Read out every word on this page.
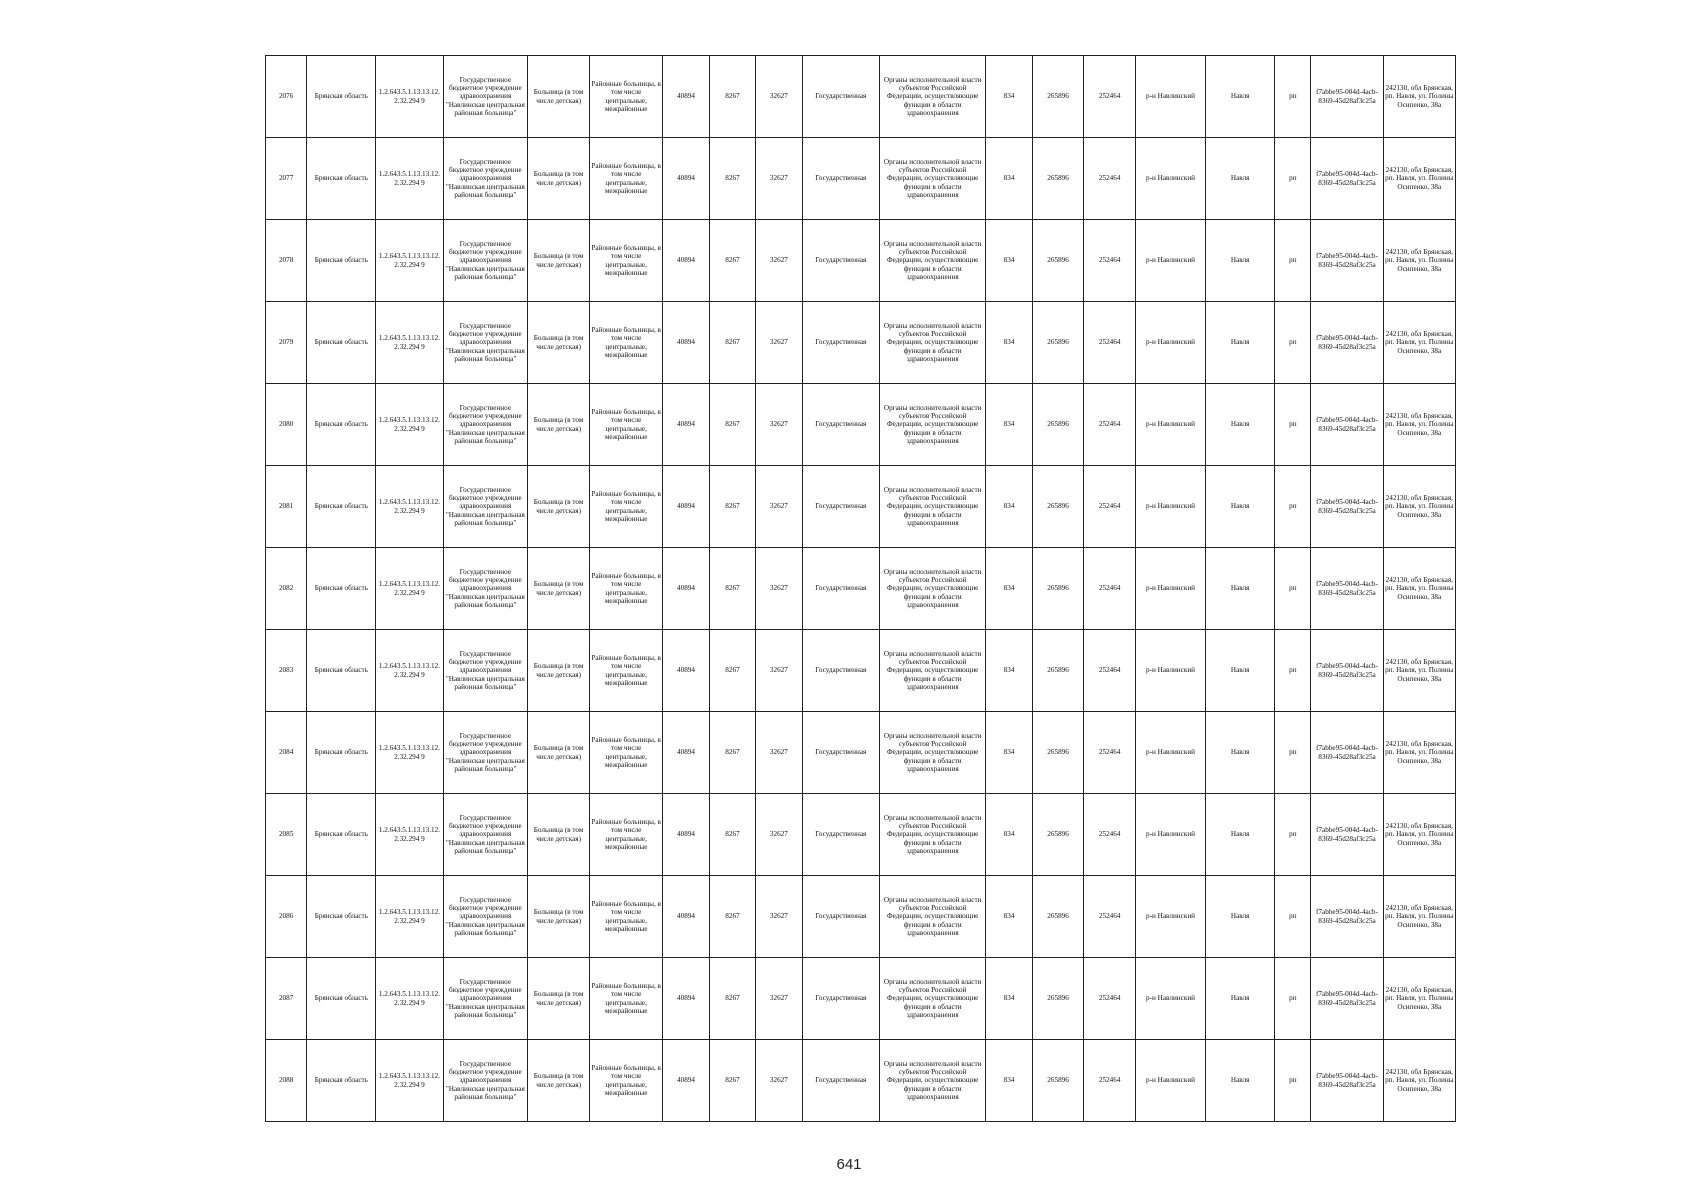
2076	Брянская область	1.2.643.5.1.13.13.12.2.32.294 9	Государственное бюджетное учреждение здравоохранения "Навлинская центральная районная больница"	Больница (в том числе детская)	Районные больницы, в том числе центральные, межрайонные	40894	8267	32627	Государственная	Органы исполнительной власти субъектов Российской Федерации, осуществляющие функции в области здравоохранения	834	265896	252464	р-н Навлинский	Навля	рп	f7abbe95-004d-4acb-8369-45d28af3c25a	242130, обл Брянская, рп. Навля, ул. Полины Осипенко, 38а
2077	Брянская область	1.2.643.5.1.13.13.12.2.32.294 9	Государственное бюджетное учреждение здравоохранения "Навлинская центральная районная больница"	Больница (в том числе детская)	Районные больницы, в том числе центральные, межрайонные	40894	8267	32627	Государственная	Органы исполнительной власти субъектов Российской Федерации, осуществляющие функции в области здравоохранения	834	265896	252464	р-н Навлинский	Навля	рп	f7abbe95-004d-4acb-8369-45d28af3c25a	242130, обл Брянская, рп. Навля, ул. Полины Осипенко, 38а
2078	Брянская область	1.2.643.5.1.13.13.12.2.32.294 9	Государственное бюджетное учреждение здравоохранения "Навлинская центральная районная больница"	Больница (в том числе детская)	Районные больницы, в том числе центральные, межрайонные	40894	8267	32627	Государственная	Органы исполнительной власти субъектов Российской Федерации, осуществляющие функции в области здравоохранения	834	265896	252464	р-н Навлинский	Навля	рп	f7abbe95-004d-4acb-8369-45d28af3c25a	242130, обл Брянская, рп. Навля, ул. Полины Осипенко, 38а
2079	Брянская область	1.2.643.5.1.13.13.12.2.32.294 9	Государственное бюджетное учреждение здравоохранения "Навлинская центральная районная больница"	Больница (в том числе детская)	Районные больницы, в том числе центральные, межрайонные	40894	8267	32627	Государственная	Органы исполнительной власти субъектов Российской Федерации, осуществляющие функции в области здравоохранения	834	265896	252464	р-н Навлинский	Навля	рп	f7abbe95-004d-4acb-8369-45d28af3c25a	242130, обл Брянская, рп. Навля, ул. Полины Осипенко, 38а
2080	Брянская область	1.2.643.5.1.13.13.12.2.32.294 9	Государственное бюджетное учреждение здравоохранения "Навлинская центральная районная больница"	Больница (в том числе детская)	Районные больницы, в том числе центральные, межрайонные	40894	8267	32627	Государственная	Органы исполнительной власти субъектов Российской Федерации, осуществляющие функции в области здравоохранения	834	265896	252464	р-н Навлинский	Навля	рп	f7abbe95-004d-4acb-8369-45d28af3c25a	242130, обл Брянская, рп. Навля, ул. Полины Осипенко, 38а
2081	Брянская область	1.2.643.5.1.13.13.12.2.32.294 9	Государственное бюджетное учреждение здравоохранения "Навлинская центральная районная больница"	Больница (в том числе детская)	Районные больницы, в том числе центральные, межрайонные	40894	8267	32627	Государственная	Органы исполнительной власти субъектов Российской Федерации, осуществляющие функции в области здравоохранения	834	265896	252464	р-н Навлинский	Навля	рп	f7abbe95-004d-4acb-8369-45d28af3c25a	242130, обл Брянская, рп. Навля, ул. Полины Осипенко, 38а
2082	Брянская область	1.2.643.5.1.13.13.12.2.32.294 9	Государственное бюджетное учреждение здравоохранения "Навлинская центральная районная больница"	Больница (в том числе детская)	Районные больницы, в том числе центральные, межрайонные	40894	8267	32627	Государственная	Органы исполнительной власти субъектов Российской Федерации, осуществляющие функции в области здравоохранения	834	265896	252464	р-н Навлинский	Навля	рп	f7abbe95-004d-4acb-8369-45d28af3c25a	242130, обл Брянская, рп. Навля, ул. Полины Осипенко, 38а
2083	Брянская область	1.2.643.5.1.13.13.12.2.32.294 9	Государственное бюджетное учреждение здравоохранения "Навлинская центральная районная больница"	Больница (в том числе детская)	Районные больницы, в том числе центральные, межрайонные	40894	8267	32627	Государственная	Органы исполнительной власти субъектов Российской Федерации, осуществляющие функции в области здравоохранения	834	265896	252464	р-н Навлинский	Навля	рп	f7abbe95-004d-4acb-8369-45d28af3c25a	242130, обл Брянская, рп. Навля, ул. Полины Осипенко, 38а
2084	Брянская область	1.2.643.5.1.13.13.12.2.32.294 9	Государственное бюджетное учреждение здравоохранения "Навлинская центральная районная больница"	Больница (в том числе детская)	Районные больницы, в том числе центральные, межрайонные	40894	8267	32627	Государственная	Органы исполнительной власти субъектов Российской Федерации, осуществляющие функции в области здравоохранения	834	265896	252464	р-н Навлинский	Навля	рп	f7abbe95-004d-4acb-8369-45d28af3c25a	242130, обл Брянская, рп. Навля, ул. Полины Осипенко, 38а
2085	Брянская область	1.2.643.5.1.13.13.12.2.32.294 9	Государственное бюджетное учреждение здравоохранения "Навлинская центральная районная больница"	Больница (в том числе детская)	Районные больницы, в том числе центральные, межрайонные	40894	8267	32627	Государственная	Органы исполнительной власти субъектов Российской Федерации, осуществляющие функции в области здравоохранения	834	265896	252464	р-н Навлинский	Навля	рп	f7abbe95-004d-4acb-8369-45d28af3c25a	242130, обл Брянская, рп. Навля, ул. Полины Осипенко, 38а
2086	Брянская область	1.2.643.5.1.13.13.12.2.32.294 9	Государственное бюджетное учреждение здравоохранения "Навлинская центральная районная больница"	Больница (в том числе детская)	Районные больницы, в том числе центральные, межрайонные	40894	8267	32627	Государственная	Органы исполнительной власти субъектов Российской Федерации, осуществляющие функции в области здравоохранения	834	265896	252464	р-н Навлинский	Навля	рп	f7abbe95-004d-4acb-8369-45d28af3c25a	242130, обл Брянская, рп. Навля, ул. Полины Осипенко, 38а
2087	Брянская область	1.2.643.5.1.13.13.12.2.32.294 9	Государственное бюджетное учреждение здравоохранения "Навлинская центральная районная больница"	Больница (в том числе детская)	Районные больницы, в том числе центральные, межрайонные	40894	8267	32627	Государственная	Органы исполнительной власти субъектов Российской Федерации, осуществляющие функции в области здравоохранения	834	265896	252464	р-н Навлинский	Навля	рп	f7abbe95-004d-4acb-8369-45d28af3c25a	242130, обл Брянская, рп. Навля, ул. Полины Осипенко, 38а
2088	Брянская область	1.2.643.5.1.13.13.12.2.32.294 9	Государственное бюджетное учреждение здравоохранения "Навлинская центральная районная больница"	Больница (в том числе детская)	Районные больницы, в том числе центральные, межрайонные	40894	8267	32627	Государственная	Органы исполнительной власти субъектов Российской Федерации, осуществляющие функции в области здравоохранения	834	265896	252464	р-н Навлинский	Навля	рп	f7abbe95-004d-4acb-8369-45d28af3c25a	242130, обл Брянская, рп. Навля, ул. Полины Осипенко, 38а
641
